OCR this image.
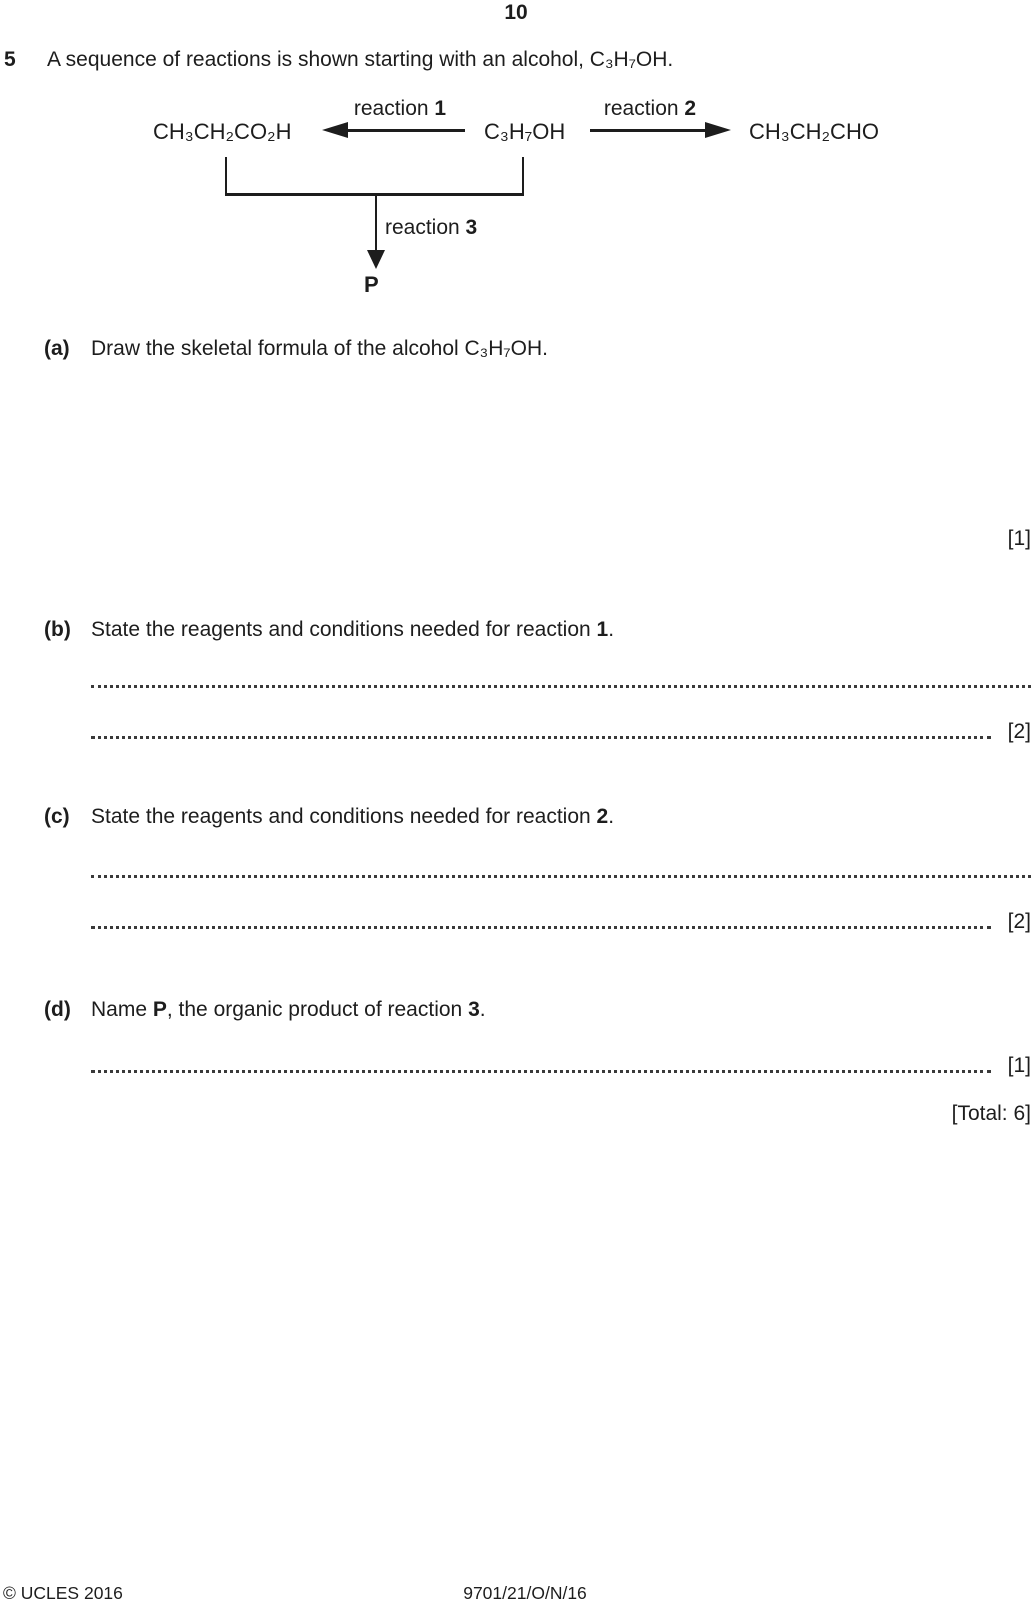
10
5 A sequence of reactions is shown starting with an alcohol, C₃H₇OH.
CH₃CH₂CO₂H	C₃H₇OH	CH₃CH₂CHO
reaction 1	reaction 2
reaction 3
P
(a) Draw the skeletal formula of the alcohol C₃H₇OH.
[1]
(b) State the reagents and conditions needed for reaction 1.
[2]
(c) State the reagents and conditions needed for reaction 2.
[2]
(d) Name P, the organic product of reaction 3.
[1]
[Total: 6]
© UCLES 2016	9701/21/O/N/16
